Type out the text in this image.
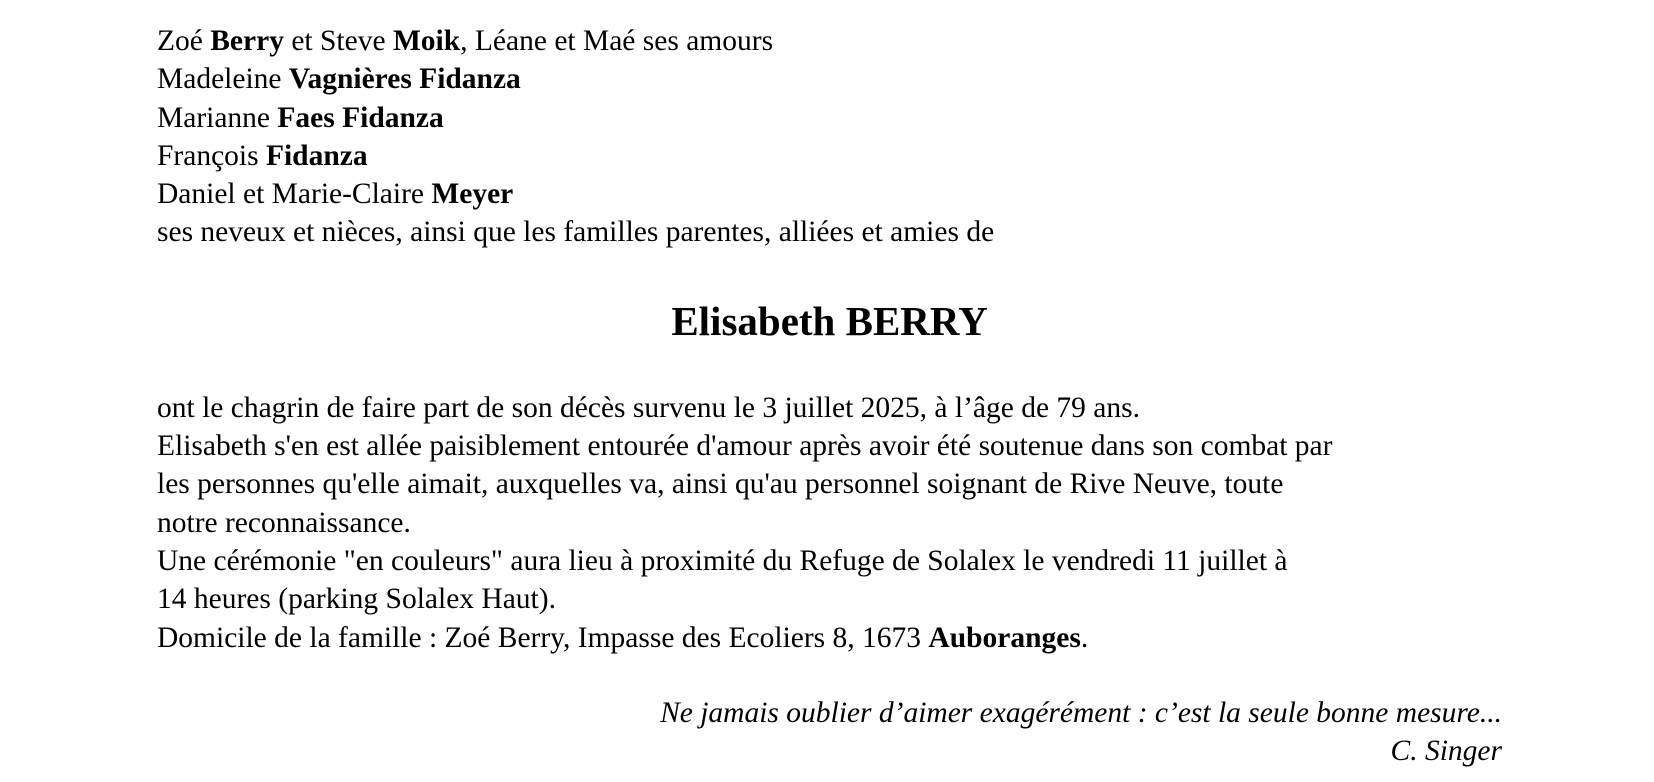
Zoé Berry et Steve Moik, Léane et Maé ses amours
Madeleine Vagnières Fidanza
Marianne Faes Fidanza
François Fidanza
Daniel et Marie-Claire Meyer
ses neveux et nièces, ainsi que les familles parentes, alliées et amies de
Elisabeth BERRY
ont le chagrin de faire part de son décès survenu le 3 juillet 2025, à l’âge de 79 ans.
Elisabeth s'en est allée paisiblement entourée d'amour après avoir été soutenue dans son combat par
les personnes qu'elle aimait, auxquelles va, ainsi qu'au personnel soignant de Rive Neuve, toute
notre reconnaissance.
Une cérémonie "en couleurs" aura lieu à proximité du Refuge de Solalex le vendredi 11 juillet à
14 heures (parking Solalex Haut).
Domicile de la famille : Zoé Berry, Impasse des Ecoliers 8, 1673 Auboranges.
Ne jamais oublier d’aimer exagérément : c’est la seule bonne mesure...
C. Singer
